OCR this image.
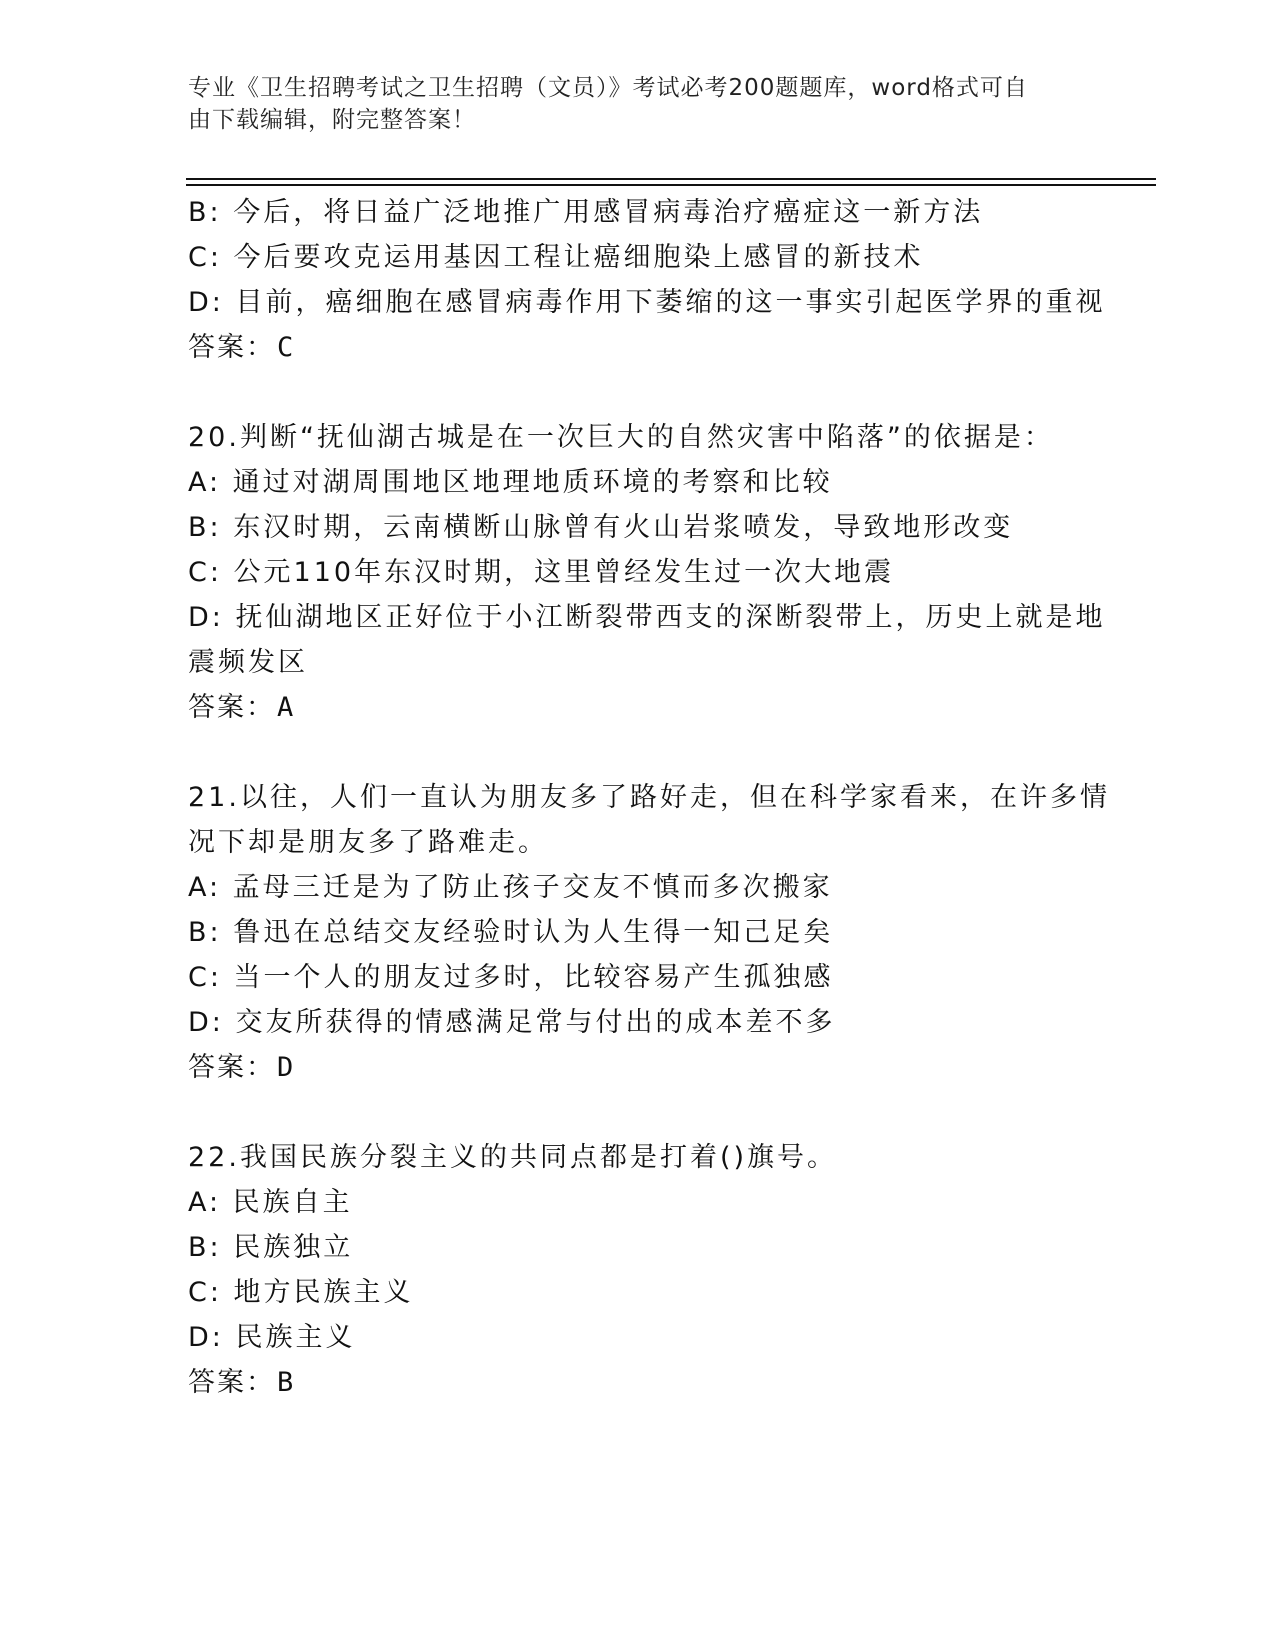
专业《卫生招聘考试之卫生招聘（文员）》考试必考200题题库，word格式可自
由下载编辑，附完整答案！
B: 今后，将日益广泛地推广用感冒病毒治疗癌症这一新方法
C: 今后要攻克运用基因工程让癌细胞染上感冒的新技术
D: 目前，癌细胞在感冒病毒作用下萎缩的这一事实引起医学界的重视
答案：C
20.判断“抚仙湖古城是在一次巨大的自然灾害中陷落”的依据是：
A: 通过对湖周围地区地理地质环境的考察和比较
B: 东汉时期，云南横断山脉曾有火山岩浆喷发，导致地形改变
C: 公元110年东汉时期，这里曾经发生过一次大地震
D: 抚仙湖地区正好位于小江断裂带西支的深断裂带上，历史上就是地
震频发区
答案：A
21.以往，人们一直认为朋友多了路好走，但在科学家看来，在许多情
况下却是朋友多了路难走。
A: 孟母三迁是为了防止孩子交友不慎而多次搬家
B: 鲁迅在总结交友经验时认为人生得一知己足矣
C: 当一个人的朋友过多时，比较容易产生孤独感
D: 交友所获得的情感满足常与付出的成本差不多
答案：D
22.我国民族分裂主义的共同点都是打着()旗号。
A: 民族自主
B: 民族独立
C: 地方民族主义
D: 民族主义
答案：B
